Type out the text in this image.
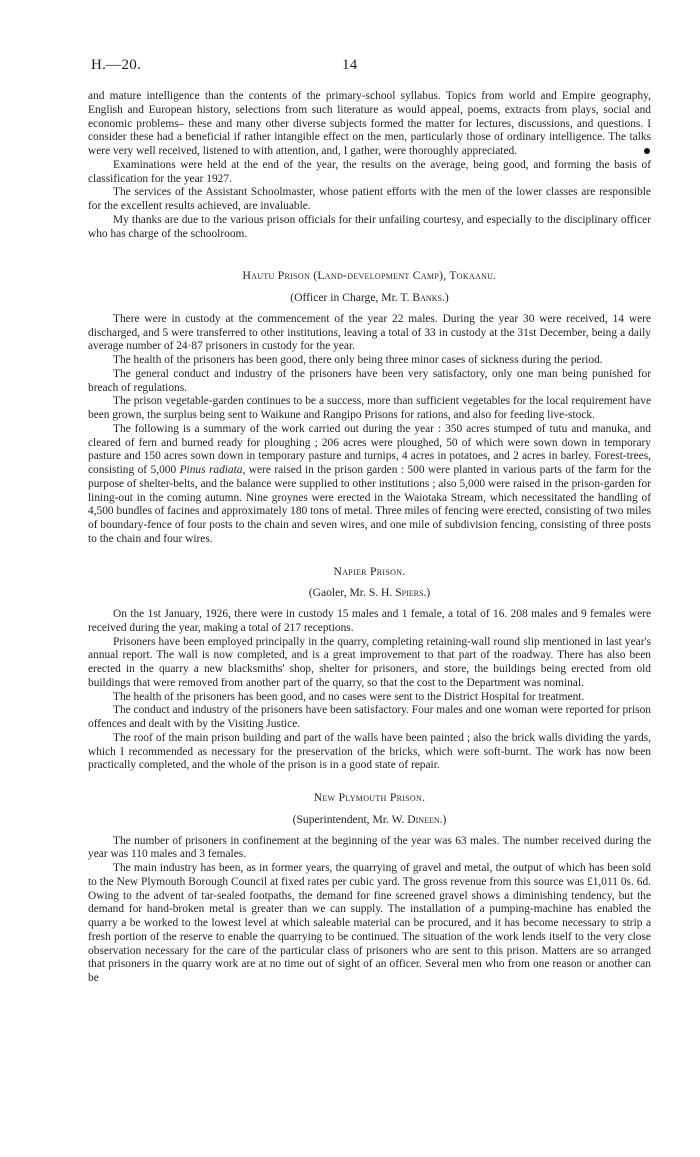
H.—20.	14

and mature intelligence than the contents of the primary-school syllabus. Topics from world and Empire geography, English and European history, selections from such literature as would appeal, poems, extracts from plays, social and economic problems– these and many other diverse subjects formed the matter for lectures, discussions, and questions. I consider these had a beneficial if rather intangible effect on the men, particularly those of ordinary intelligence. The talks were very well received, listened to with attention, and, I gather, were thoroughly appreciated.

Examinations were held at the end of the year, the results on the average, being good, and forming the basis of classification for the year 1927.

The services of the Assistant Schoolmaster, whose patient efforts with the men of the lower classes are responsible for the excellent results achieved, are invaluable.

My thanks are due to the various prison officials for their unfailing courtesy, and especially to the disciplinary officer who has charge of the schoolroom.

Hautu Prison (Land-development Camp), Tokaanu.
(Officer in Charge, Mr. T. Banks.)

There were in custody at the commencement of the year 22 males. During the year 30 were received, 14 were discharged, and 5 were transferred to other institutions, leaving a total of 33 in custody at the 31st December, being a daily average number of 24·87 prisoners in custody for the year.

The health of the prisoners has been good, there only being three minor cases of sickness during the period.

The general conduct and industry of the prisoners have been very satisfactory, only one man being punished for breach of regulations.

The prison vegetable-garden continues to be a success, more than sufficient vegetables for the local requirement have been grown, the surplus being sent to Waikune and Rangipo Prisons for rations, and also for feeding live-stock.

The following is a summary of the work carried out during the year : 350 acres stumped of tutu and manuka, and cleared of fern and burned ready for ploughing ; 206 acres were ploughed, 50 of which were sown down in temporary pasture and 150 acres sown down in temporary pasture and turnips, 4 acres in potatoes, and 2 acres in barley. Forest-trees, consisting of 5,000 Pinus radiata, were raised in the prison garden : 500 were planted in various parts of the farm for the purpose of shelter-belts, and the balance were supplied to other institutions ; also 5,000 were raised in the prison-garden for lining-out in the coming autumn. Nine groynes were erected in the Waiotaka Stream, which necessitated the handling of 4,500 bundles of facines and approximately 180 tons of metal. Three miles of fencing were erected, consisting of two miles of boundary-fence of four posts to the chain and seven wires, and one mile of subdivision fencing, consisting of three posts to the chain and four wires.

Napier Prison.
(Gaoler, Mr. S. H. Spiers.)

On the 1st January, 1926, there were in custody 15 males and 1 female, a total of 16. 208 males and 9 females were received during the year, making a total of 217 receptions.

Prisoners have been employed principally in the quarry, completing retaining-wall round slip mentioned in last year's annual report. The wall is now completed, and is a great improvement to that part of the roadway. There has also been erected in the quarry a new blacksmiths' shop, shelter for prisoners, and store, the buildings being erected from old buildings that were removed from another part of the quarry, so that the cost to the Department was nominal.

The health of the prisoners has been good, and no cases were sent to the District Hospital for treatment.

The conduct and industry of the prisoners have been satisfactory. Four males and one woman were reported for prison offences and dealt with by the Visiting Justice.

The roof of the main prison building and part of the walls have been painted ; also the brick walls dividing the yards, which I recommended as necessary for the preservation of the bricks, which were soft-burnt. The work has now been practically completed, and the whole of the prison is in a good state of repair.

New Plymouth Prison.
(Superintendent, Mr. W. Dineen.)

The number of prisoners in confinement at the beginning of the year was 63 males. The number received during the year was 110 males and 3 females.

The main industry has been, as in former years, the quarrying of gravel and metal, the output of which has been sold to the New Plymouth Borough Council at fixed rates per cubic yard. The gross revenue from this source was £1,011 0s. 6d. Owing to the advent of tar-sealed footpaths, the demand for fine screened gravel shows a diminishing tendency, but the demand for hand-broken metal is greater than we can supply. The installation of a pumping-machine has enabled the quarry a be worked to the lowest level at which saleable material can be procured, and it has become necessary to strip a fresh portion of the reserve to enable the quarrying to be continued. The situation of the work lends itself to the very close observation necessary for the care of the particular class of prisoners who are sent to this prison. Matters are so arranged that prisoners in the quarry work are at no time out of sight of an officer. Several men who from one reason or another can be
